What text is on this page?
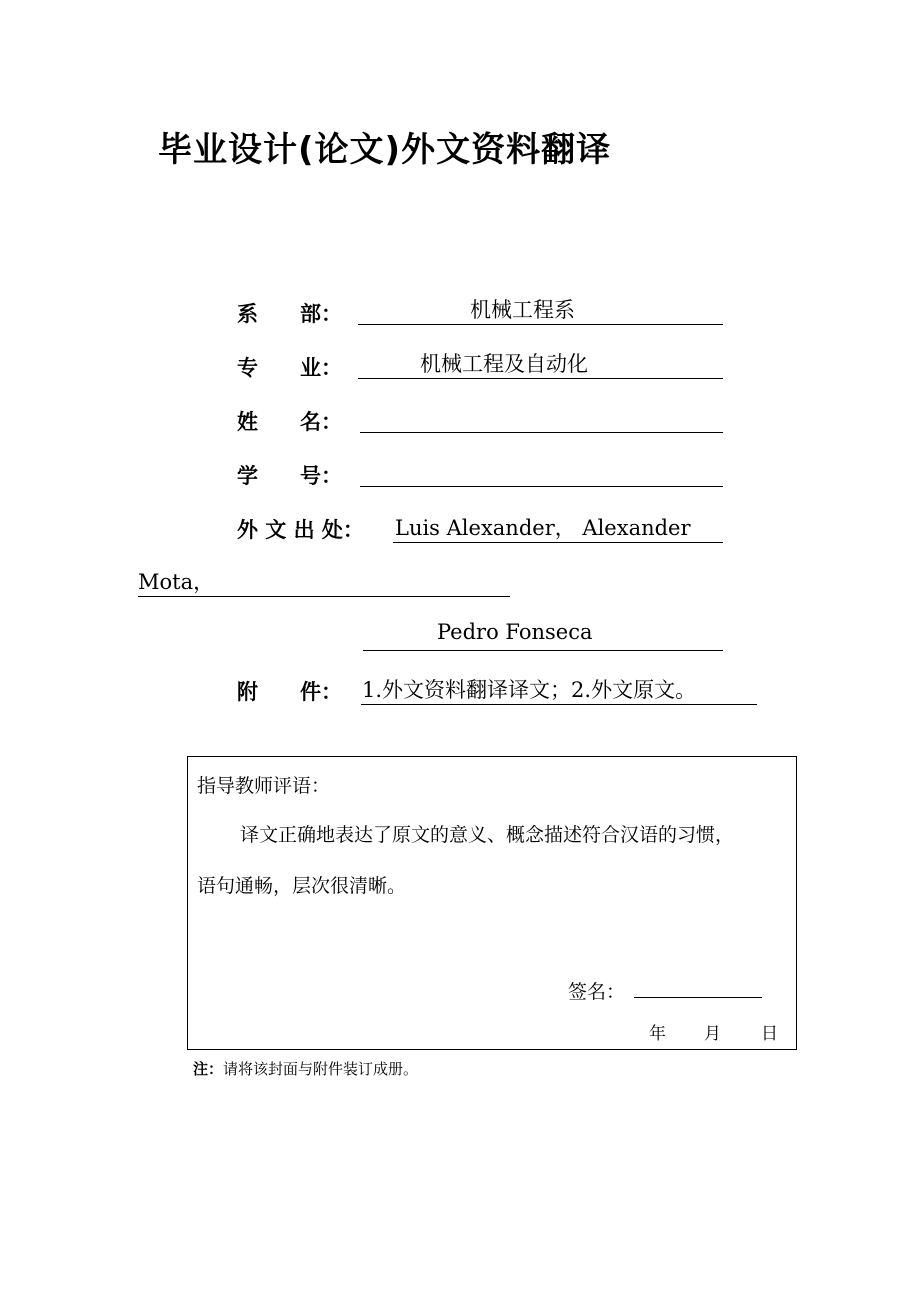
毕业设计(论文)外文资料翻译
系　　部：	机械工程系
专　　业：	机械工程及自动化
姓　　名：
学　　号：
外 文 出 处： Luis Alexander， Alexander
Mota，
Pedro Fonseca
附　　件： 1.外文资料翻译译文；2.外文原文。
指导教师评语：
译文正确地表达了原文的意义、概念描述符合汉语的习惯，
语句通畅，层次很清晰。
签名：
年 月 日
注：请将该封面与附件装订成册。
